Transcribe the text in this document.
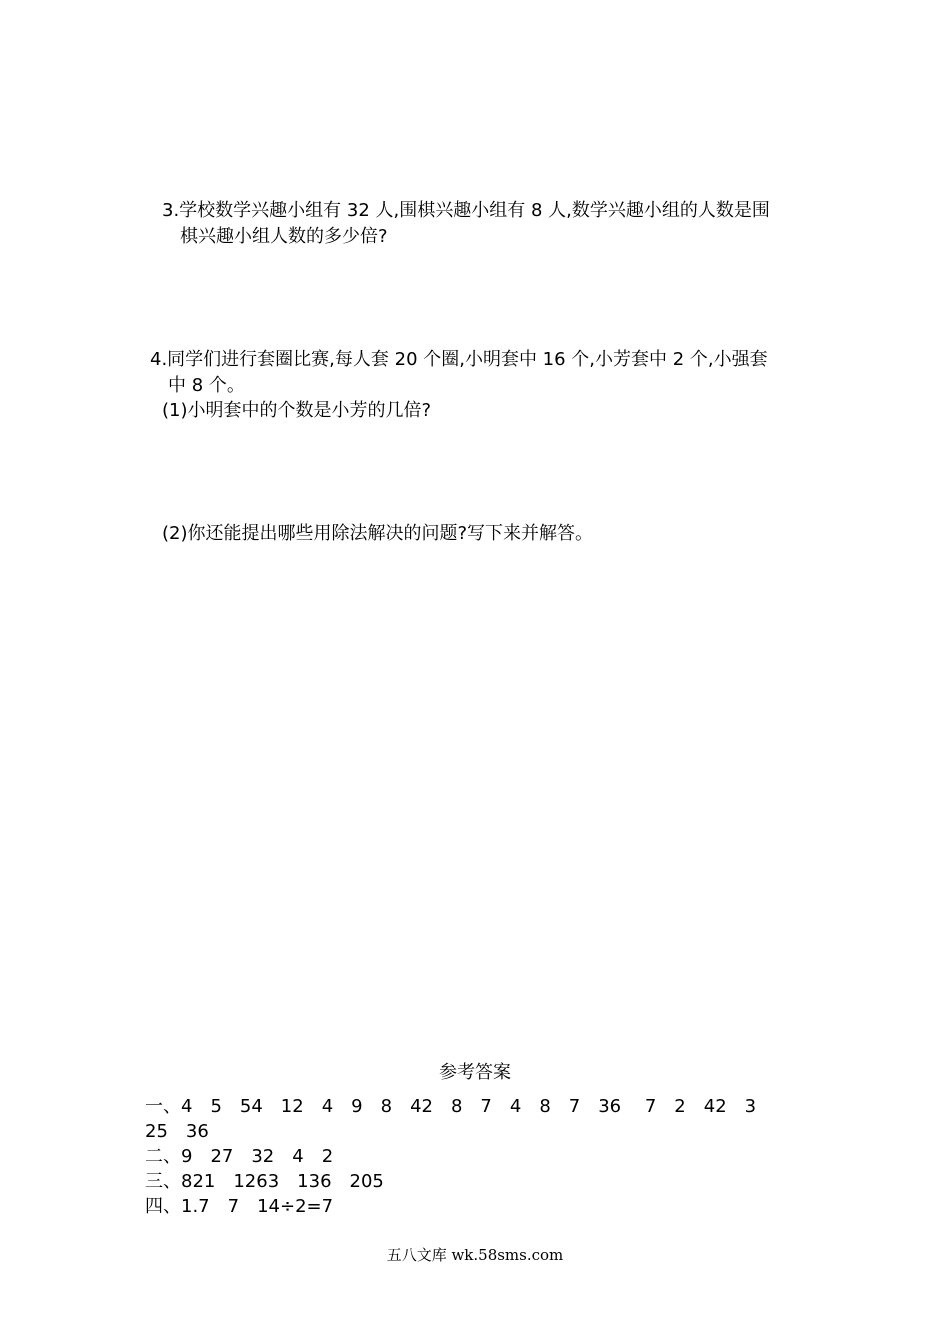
3.学校数学兴趣小组有 32 人,围棋兴趣小组有 8 人,数学兴趣小组的人数是围
棋兴趣小组人数的多少倍?
4.同学们进行套圈比赛,每人套 20 个圈,小明套中 16 个,小芳套中 2 个,小强套
中 8 个。
(1)小明套中的个数是小芳的几倍?
(2)你还能提出哪些用除法解决的问题?写下来并解答。
参考答案
一、4　5　54　12　4　9　8　42　8　7　4　8　7　36　 7　2　42　3
25　36
二、9　27　32　4　2
三、821　1263　136　205
四、1.7　7　14÷2=7
五八文库 wk.58sms.com
